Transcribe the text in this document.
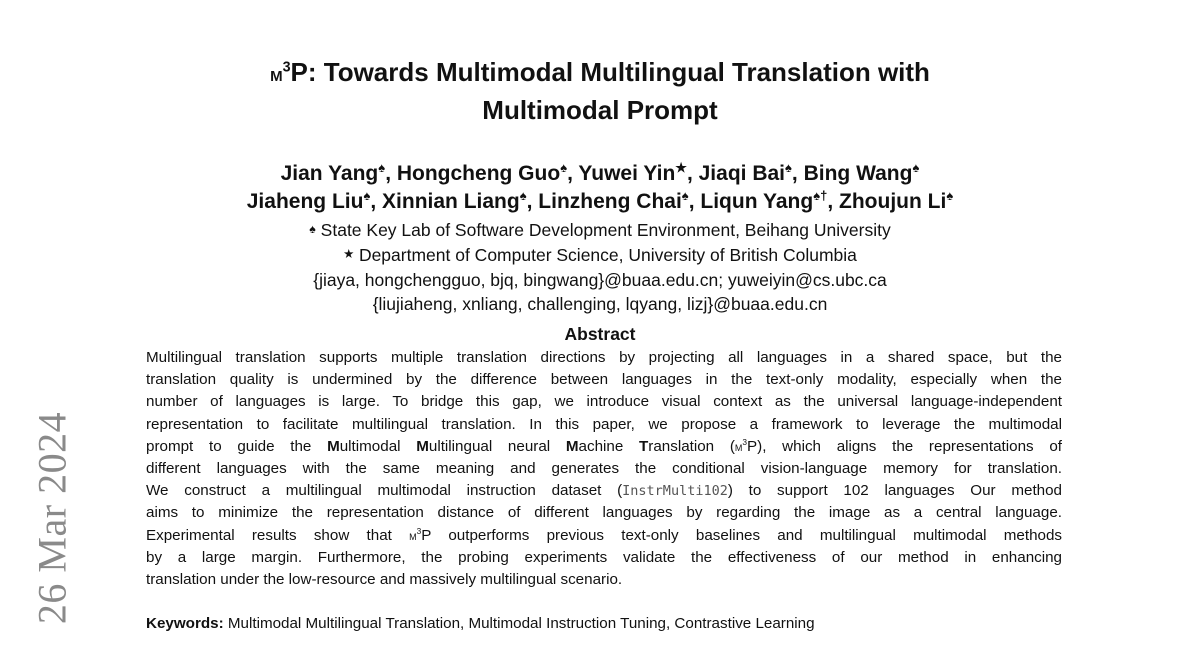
26 Mar 2024
$m^3P$: Towards Multimodal Multilingual Translation with
Multimodal Prompt
Jian Yang♠, Hongcheng Guo♠, Yuwei Yin★, Jiaqi Bai♠, Bing Wang♠
Jiaheng Liu♠, Xinnian Liang♠, Linzheng Chai♠, Liqun Yang♠†, Zhoujun Li♠
♠ State Key Lab of Software Development Environment, Beihang University
★ Department of Computer Science, University of British Columbia
{jiaya, hongchengguo, bjq, bingwang}@buaa.edu.cn; yuweiyin@cs.ubc.ca
{liujiaheng, xnliang, challenging, lqyang, lizj}@buaa.edu.cn
Abstract
Multilingual translation supports multiple translation directions by projecting all languages in a shared space, but the
translation quality is undermined by the difference between languages in the text-only modality, especially when the
number of languages is large. To bridge this gap, we introduce visual context as the universal language-independent
representation to facilitate multilingual translation. In this paper, we propose a framework to leverage the multimodal
prompt to guide the Multimodal Multilingual neural Machine Translation $(m^3P)$, which aligns the representations of
different languages with the same meaning and generates the conditional vision-language memory for translation.
We construct a multilingual multimodal instruction dataset (InstrMulti102) to support 102 languages Our method
aims to minimize the representation distance of different languages by regarding the image as a central language.
Experimental results show that $m^3P$ outperforms previous text-only baselines and multilingual multimodal methods
by a large margin. Furthermore, the probing experiments validate the effectiveness of our method in enhancing
translation under the low-resource and massively multilingual scenario.
Keywords: Multimodal Multilingual Translation, Multimodal Instruction Tuning, Contrastive Learning
